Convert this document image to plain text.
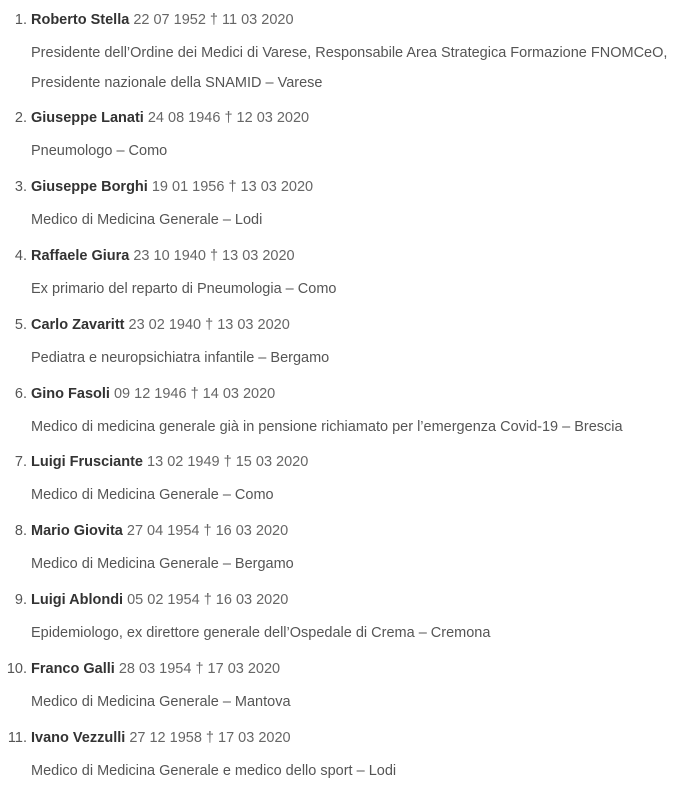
1. 1. Roberto Stella 22 07 1952 † 11 03 2020
Presidente dell’Ordine dei Medici di Varese, Responsabile Area Strategica Formazione FNOMCeO, Presidente nazionale della SNAMID – Varese
2. 2. Giuseppe Lanati 24 08 1946 † 12 03 2020
Pneumologo – Como
3. 3. Giuseppe Borghi 19 01 1956 † 13 03 2020
Medico di Medicina Generale – Lodi
4. 4. Raffaele Giura 23 10 1940 † 13 03 2020
Ex primario del reparto di Pneumologia – Como
5. 5. Carlo Zavaritt 23 02 1940 † 13 03 2020
Pediatra e neuropsichiatra infantile – Bergamo
6. 6. Gino Fasoli 09 12 1946 † 14 03 2020
Medico di medicina generale già in pensione richiamato per l’emergenza Covid-19 – Brescia
7. 7. Luigi Frusciante 13 02 1949 † 15 03 2020
Medico di Medicina Generale – Como
8. 8. Mario Giovita 27 04 1954 † 16 03 2020
Medico di Medicina Generale – Bergamo
9. 9. Luigi Ablondi 05 02 1954 † 16 03 2020
Epidemiologo, ex direttore generale dell’Ospedale di Crema – Cremona
10. 10. Franco Galli 28 03 1954 † 17 03 2020
Medico di Medicina Generale – Mantova
11. 11. Ivano Vezzulli 27 12 1958 † 17 03 2020
Medico di Medicina Generale e medico dello sport – Lodi
